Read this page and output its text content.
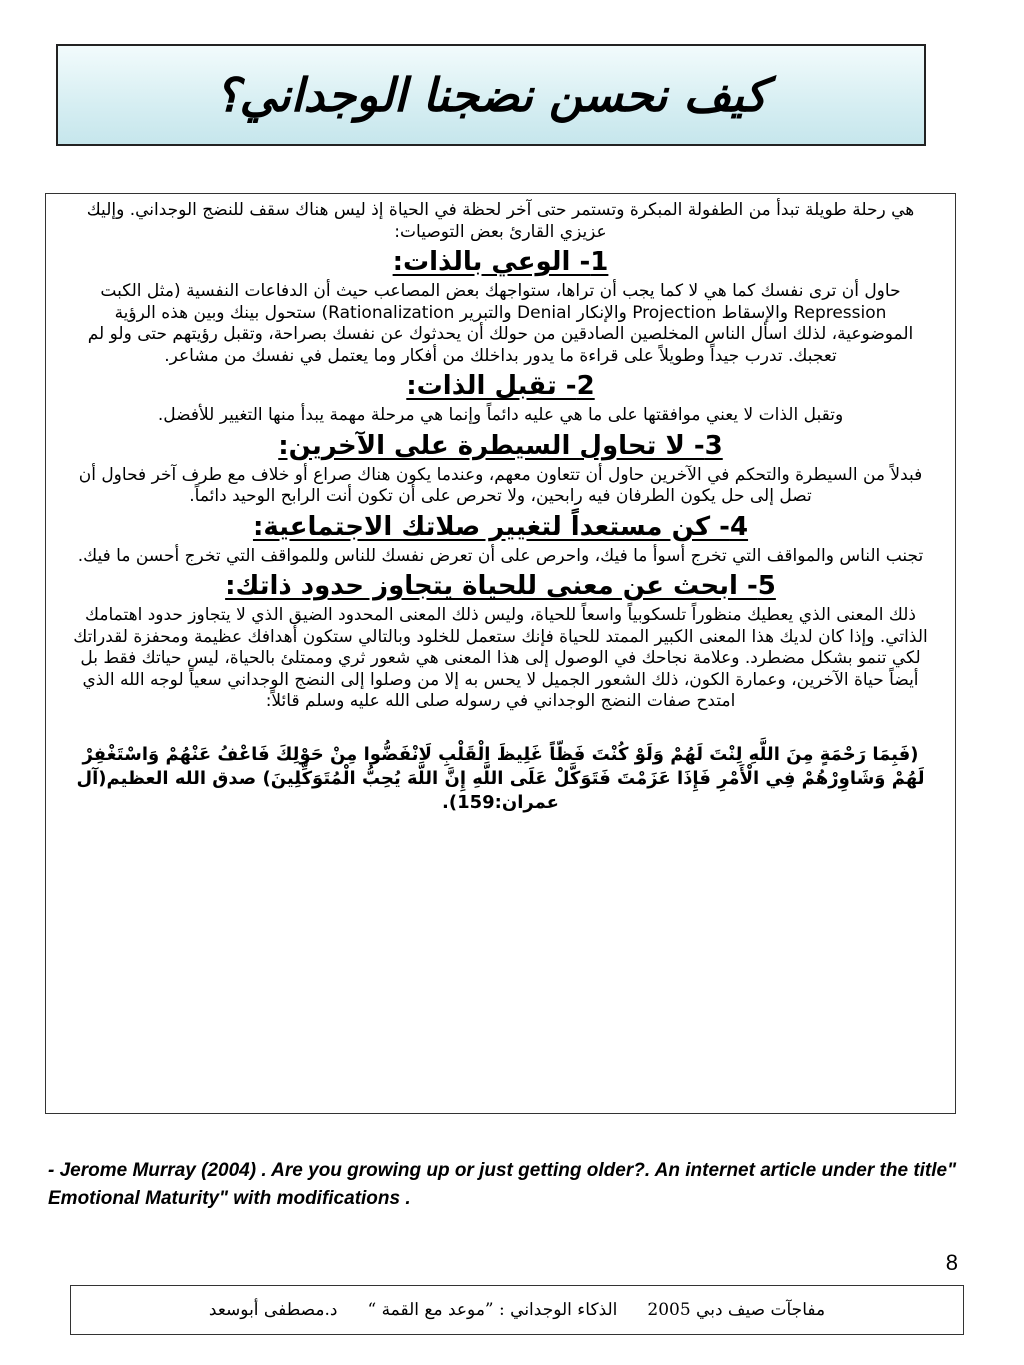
كيف نحسن نضجنا الوجداني؟

هي رحلة طويلة تبدأ من الطفولة المبكرة وتستمر حتى آخر لحظة في الحياة إذ ليس هناك سقف للنضج الوجداني. وإليك عزيزي القارئ بعض التوصيات:

1- الوعي بالذات:

حاول أن ترى نفسك كما هي لا كما يجب أن تراها، ستواجهك بعض المصاعب حيث أن الدفاعات النفسية (مثل الكبت Repression والإسقاط Projection والإنكار Denial والتبرير Rationalization) ستحول بينك وبين هذه الرؤية الموضوعية، لذلك اسأل الناس المخلصين الصادقين من حولك أن يحدثوك عن نفسك بصراحة، وتقبل رؤيتهم حتى ولو لم تعجبك. تدرب جيداً وطويلاً على قراءة ما يدور بداخلك من أفكار وما يعتمل في نفسك من مشاعر.

2- تقبل الذات:

وتقبل الذات لا يعني موافقتها على ما هي عليه دائماً وإنما هي مرحلة مهمة يبدأ منها التغيير للأفضل.

3- لا تحاول السيطرة على الآخرين:

فبدلاً من السيطرة والتحكم في الآخرين حاول أن تتعاون معهم، وعندما يكون هناك صراع أو خلاف مع طرف آخر فحاول أن تصل إلى حل يكون الطرفان فيه رابحين، ولا تحرص على أن تكون أنت الرابح الوحيد دائماً.

4- كن مستعداً لتغيير صلاتك الاجتماعية:

تجنب الناس والمواقف التي تخرج أسوأ ما فيك، واحرص على أن تعرض نفسك للناس وللمواقف التي تخرج أحسن ما فيك.

5- ابحث عن معنى للحياة يتجاوز حدود ذاتك:

ذلك المعنى الذي يعطيك منظوراً تلسكوبياً واسعاً للحياة، وليس ذلك المعنى المحدود الضيق الذي لا يتجاوز حدود اهتمامك الذاتي. وإذا كان لديك هذا المعنى الكبير الممتد للحياة فإنك ستعمل للخلود وبالتالي ستكون أهدافك عظيمة ومحفزة لقدراتك لكي تنمو بشكل مضطرد. وعلامة نجاحك في الوصول إلى هذا المعنى هي شعور ثري وممتلئ بالحياة، ليس حياتك فقط بل أيضاً حياة الآخرين، وعمارة الكون، ذلك الشعور الجميل لا يحس به إلا من وصلوا إلى النضج الوجداني سعياً لوجه الله الذي امتدح صفات النضج الوجداني في رسوله صلى الله عليه وسلم قائلاً:

(فَبِمَا رَحْمَةٍ مِنَ اللَّهِ لِنْتَ لَهُمْ وَلَوْ كُنْتَ فَظّاً غَلِيظَ الْقَلْبِ لَانْفَضُّوا مِنْ حَوْلِكَ فَاعْفُ عَنْهُمْ وَاسْتَغْفِرْ لَهُمْ وَشَاوِرْهُمْ فِي الْأَمْرِ فَإِذَا عَزَمْتَ فَتَوَكَّلْ عَلَى اللَّهِ إِنَّ اللَّهَ يُحِبُّ الْمُتَوَكِّلِينَ) صدق الله العظيم(آل عمران:159).

- Jerome Murray (2004) . Are you growing up or just getting older?. An internet article under the title" Emotional Maturity" with modifications .
8
مفاجآت صيف دبي 2005
الذكاء الوجداني : ”موعد مع القمة “
د.مصطفى أبوسعد
